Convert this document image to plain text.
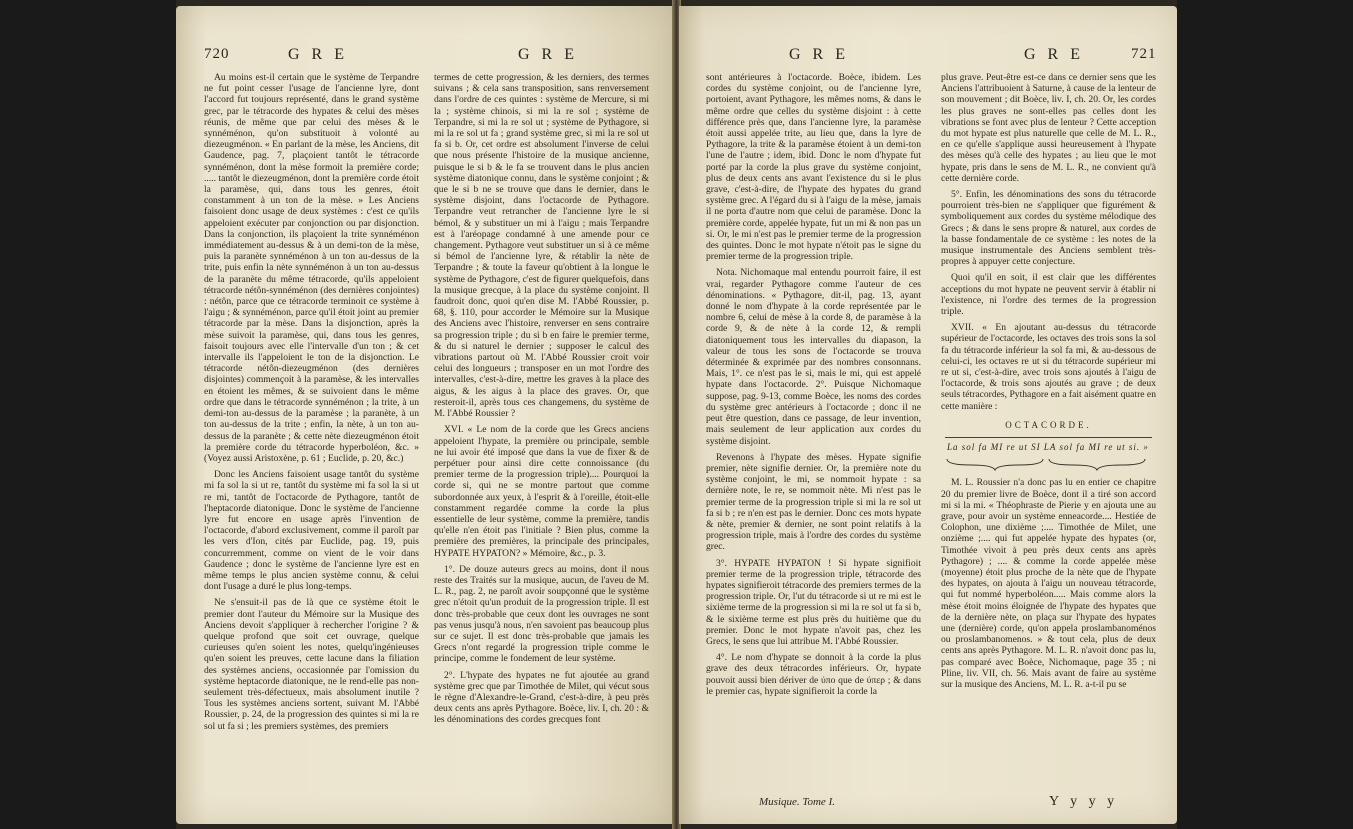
720	G R E	G R E

Au moins est-il certain que le système de Terpandre ne fut point cesser l'usage de l'ancienne lyre, dont l'accord fut toujours représenté, dans le grand système grec, par le tétracorde des hypates & celui des mèses réunis, de même que par celui des mèses & le synnéménon, qu'on substituoit à volonté au diezeugménon. « En parlant de la mèse, les Anciens, dit Gaudence, pag. 7, plaçoient tantôt le tétracorde synnéménon, dont la mèse formoit la première corde; ..... tantôt le diezeugménon, dont la première corde étoit la paramèse, qui, dans tous les genres, étoit constamment à un ton de la mèse. » Les Anciens faisoient donc usage de deux systèmes : c'est ce qu'ils appeloient exécuter par conjonction ou par disjonction. Dans la conjonction, ils plaçoient la trite synnéménon immédiatement au-dessus & à un demi-ton de la mèse, puis la paranète synnéménon à un ton au-dessus de la trite, puis enfin la nète synnéménon à un ton au-dessus de la paranète du même tétracorde, qu'ils appeloient tétracorde nétôn-synnéménon (des dernières conjointes) : nétôn, parce que ce tétracorde terminoit ce système à l'aigu ; & synnéménon, parce qu'il étoit joint au premier tétracorde par la mèse. Dans la disjonction, après la mèse suivoit la paramèse, qui, dans tous les genres, faisoit toujours avec elle l'intervalle d'un ton ; & cet intervalle ils l'appeloient le ton de la disjonction. Le tétracorde nétôn-diezeugménon (des dernières disjointes) commençoit à la paramèse, & les intervalles en étoient les mêmes, & se suivoient dans le même ordre que dans le tétracorde synnéménon ; la trite, à un demi-ton au-dessus de la paramèse ; la paranète, à un ton au-dessus de la trite ; enfin, la nète, à un ton au-dessus de la paranète ; & cette nète diezeugménon étoit la première corde du tétracorde hyperboléon, &c. » (Voyez aussi Aristoxène, p. 61 ; Euclide, p. 20, &c.)

Donc les Anciens faisoient usage tantôt du système mi fa sol la si ut re, tantôt du système mi fa sol la si ut re mi, tantôt de l'octacorde de Pythagore, tantôt de l'heptacorde diatonique. Donc le système de l'ancienne lyre fut encore en usage après l'invention de l'octacorde, d'abord exclusivement, comme il paroît par les vers d'Ion, cités par Euclide, pag. 19, puis concurremment, comme on vient de le voir dans Gaudence ; donc le système de l'ancienne lyre est en même temps le plus ancien système connu, & celui dont l'usage a duré le plus long-temps.

Ne s'ensuit-il pas de là que ce système étoit le premier dont l'auteur du Mémoire sur la Musique des Anciens devoit s'appliquer à rechercher l'origine ? & quelque profond que soit cet ouvrage, quelque curieuses qu'en soient les notes, quelqu'ingénieuses qu'en soient les preuves, cette lacune dans la filiation des systèmes anciens, occasionnée par l'omission du système heptacorde diatonique, ne le rend-elle pas non-seulement très-défectueux, mais absolument inutile ? Tous les systèmes anciens sortent, suivant M. l'Abbé Roussier, p. 24, de la progression des quintes si mi la re sol ut fa si ; les premiers systèmes, des premiers

termes de cette progression, & les derniers, des termes suivans ; & cela sans transposition, sans renversement dans l'ordre de ces quintes : système de Mercure, si mi la ; système chinois, si mi la re sol ; système de Terpandre, si mi la re sol ut ; système de Pythagore, si mi la re sol ut fa ; grand système grec, si mi la re sol ut fa si b. Or, cet ordre est absolument l'inverse de celui que nous présente l'histoire de la musique ancienne, puisque le si b & le fa se trouvent dans le plus ancien système diatonique connu, dans le système conjoint ; & que le si b ne se trouve que dans le dernier, dans le système disjoint, dans l'octacorde de Pythagore. Terpandre veut retrancher de l'ancienne lyre le si bémol, & y substituer un mi à l'aigu ; mais Terpandre est à l'aréopage condamné à une amende pour ce changement. Pythagore veut substituer un si à ce même si bémol de l'ancienne lyre, & rétablir la nète de Terpandre ; & toute la faveur qu'obtient à la longue le système de Pythagore, c'est de figurer quelquefois, dans la musique grecque, à la place du système conjoint. Il faudroit donc, quoi qu'en dise M. l'Abbé Roussier, p. 68, §. 110, pour accorder le Mémoire sur la Musique des Anciens avec l'histoire, renverser en sens contraire sa progression triple ; du si b en faire le premier terme, & du si naturel le dernier ; supposer le calcul des vibrations partout où M. l'Abbé Roussier croit voir celui des longueurs ; transposer en un mot l'ordre des intervalles, c'est-à-dire, mettre les graves à la place des aigus, & les aigus à la place des graves. Or, que resteroit-il, après tous ces changemens, du système de M. l'Abbé Roussier ?

XVI. « Le nom de la corde que les Grecs anciens appeloient l'hypate, la première ou principale, semble ne lui avoir été imposé que dans la vue de fixer & de perpétuer pour ainsi dire cette connoissance (du premier terme de la progression triple).... Pourquoi la corde si, qui ne se montre partout que comme subordonnée aux yeux, à l'esprit & à l'oreille, étoit-elle constamment regardée comme la corde la plus essentielle de leur système, comme la première, tandis qu'elle n'en étoit pas l'initiale ? Bien plus, comme la première des premières, la principale des principales, HYPATE HYPATON? » Mémoire, &c., p. 3.

1°. De douze auteurs grecs au moins, dont il nous reste des Traités sur la musique, aucun, de l'aveu de M. L. R., pag. 2, ne paroît avoir soupçonné que le système grec n'étoit qu'un produit de la progression triple. Il est donc très-probable que ceux dont les ouvrages ne sont pas venus jusqu'à nous, n'en savoient pas beaucoup plus sur ce sujet. Il est donc très-probable que jamais les Grecs n'ont regardé la progression triple comme le principe, comme le fondement de leur système.

2°. L'hypate des hypates ne fut ajoutée au grand système grec que par Timothée de Milet, qui vécut sous le règne d'Alexandre-le-Grand, c'est-à-dire, à peu près deux cents ans après Pythagore. Boèce, liv. I, ch. 20 : & les dénominations des cordes grecques font

G R E	G R E	721

sont antérieures à l'octacorde. Boèce, ibidem. Les cordes du système conjoint, ou de l'ancienne lyre, portoient, avant Pythagore, les mêmes noms, & dans le même ordre que celles du système disjoint : à cette différence près que, dans l'ancienne lyre, la paramèse étoit aussi appelée trite, au lieu que, dans la lyre de Pythagore, la trite & la paramèse étoient à un demi-ton l'une de l'autre ; idem, ibid. Donc le nom d'hypate fut porté par la corde la plus grave du système conjoint, plus de deux cents ans avant l'existence du si le plus grave, c'est-à-dire, de l'hypate des hypates du grand système grec. A l'égard du si à l'aigu de la mèse, jamais il ne porta d'autre nom que celui de paramèse. Donc la première corde, appelée hypate, fut un mi & non pas un si. Or, le mi n'est pas le premier terme de la progression des quintes. Donc le mot hypate n'étoit pas le signe du premier terme de la progression triple.

Nota. Nichomaque mal entendu pourroit faire, il est vrai, regarder Pythagore comme l'auteur de ces dénominations. « Pythagore, dit-il, pag. 13, ayant donné le nom d'hypate à la corde représentée par le nombre 6, celui de mèse à la corde 8, de paramèse à la corde 9, & de nète à la corde 12, & rempli diatoniquement tous les intervalles du diapason, la valeur de tous les sons de l'octacorde se trouva déterminée & exprimée par des nombres consonnans. Mais, 1°. ce n'est pas le si, mais le mi, qui est appelé hypate dans l'octacorde. 2°. Puisque Nichomaque suppose, pag. 9-13, comme Boèce, les noms des cordes du système grec antérieurs à l'octacorde ; donc il ne peut être question, dans ce passage, de leur invention, mais seulement de leur application aux cordes du système disjoint.

Revenons à l'hypate des mèses. Hypate signifie premier, nète signifie dernier. Or, la première note du système conjoint, le mi, se nommoit hypate : sa dernière note, le re, se nommoit nète. Mi n'est pas le premier terme de la progression triple si mi la re sol ut fa si b ; re n'en est pas le dernier. Donc ces mots hypate & nète, premier & dernier, ne sont point relatifs à la progression triple, mais à l'ordre des cordes du système grec.

3°. HYPATE HYPATON ! Si hypate signifioit premier terme de la progression triple, tétracorde des hypates signifieroit tétracorde des premiers termes de la progression triple. Or, l'ut du tétracorde si ut re mi est le sixième terme de la progression si mi la re sol ut fa si b, & le sixième terme est plus près du huitième que du premier. Donc le mot hypate n'avoit pas, chez les Grecs, le sens que lui attribue M. l'Abbé Roussier.

4°. Le nom d'hypate se donnoit à la corde la plus grave des deux tétracordes inférieurs. Or, hypate pouvoit aussi bien dériver de ύπο que de ύπερ ; & dans le premier cas, hypate signifieroit la corde la

plus grave. Peut-être est-ce dans ce dernier sens que les Anciens l'attribuoient à Saturne, à cause de la lenteur de son mouvement ; dit Boèce, liv. I, ch. 20. Or, les cordes les plus graves ne sont-elles pas celles dont les vibrations se font avec plus de lenteur ? Cette acception du mot hypate est plus naturelle que celle de M. L. R., en ce qu'elle s'applique aussi heureusement à l'hypate des mèses qu'à celle des hypates ; au lieu que le mot hypate, pris dans le sens de M. L. R., ne convient qu'à cette dernière corde.

5°. Enfin, les dénominations des sons du tétracorde pourroient très-bien ne s'appliquer que figurément & symboliquement aux cordes du système mélodique des Grecs ; & dans le sens propre & naturel, aux cordes de la basse fondamentale de ce système : les notes de la musique instrumentale des Anciens semblent très-propres à appuyer cette conjecture.

Quoi qu'il en soit, il est clair que les différentes acceptions du mot hypate ne peuvent servir à établir ni l'existence, ni l'ordre des termes de la progression triple.

XVII. « En ajoutant au-dessus du tétracorde supérieur de l'octacorde, les octaves des trois sons la sol fa du tétracorde inférieur la sol fa mi, & au-dessous de celui-ci, les octaves re ut si du tétracorde supérieur mi re ut si, c'est-à-dire, avec trois sons ajoutés à l'aigu de l'octacorde, & trois sons ajoutés au grave ; de deux seuls tétracordes, Pythagore en a fait aisément quatre en cette manière :

OCTACORDE.
La sol fa MI re ut SI LA sol fa MI re ut si. »

M. L. Roussier n'a donc pas lu en entier ce chapitre 20 du premier livre de Boèce, dont il a tiré son accord mi si la mi. « Théophraste de Pierie y en ajouta une au grave, pour avoir un système enneacorde.... Hestiée de Colophon, une dixième ;.... Timothée de Milet, une onzième ;.... qui fut appelée hypate des hypates (or, Timothée vivoit à peu près deux cents ans après Pythagore) ; .... & comme la corde appelée mèse (moyenne) étoit plus proche de la nète que de l'hypate des hypates, on ajouta à l'aigu un nouveau tétracorde, qui fut nommé hyperboléon..... Mais comme alors la mèse étoit moins éloignée de l'hypate des hypates que de la dernière nète, on plaça sur l'hypate des hypates une (dernière) corde, qu'on appela proslambanoménos ou proslambanomenos. » & tout cela, plus de deux cents ans après Pythagore. M. L. R. n'avoit donc pas lu, pas comparé avec Boèce, Nichomaque, page 35 ; ni Pline, liv. VII, ch. 56. Mais avant de faire au système sur la musique des Anciens, M. L. R. a-t-il pu se

Musique. Tome I.	Y y y y
